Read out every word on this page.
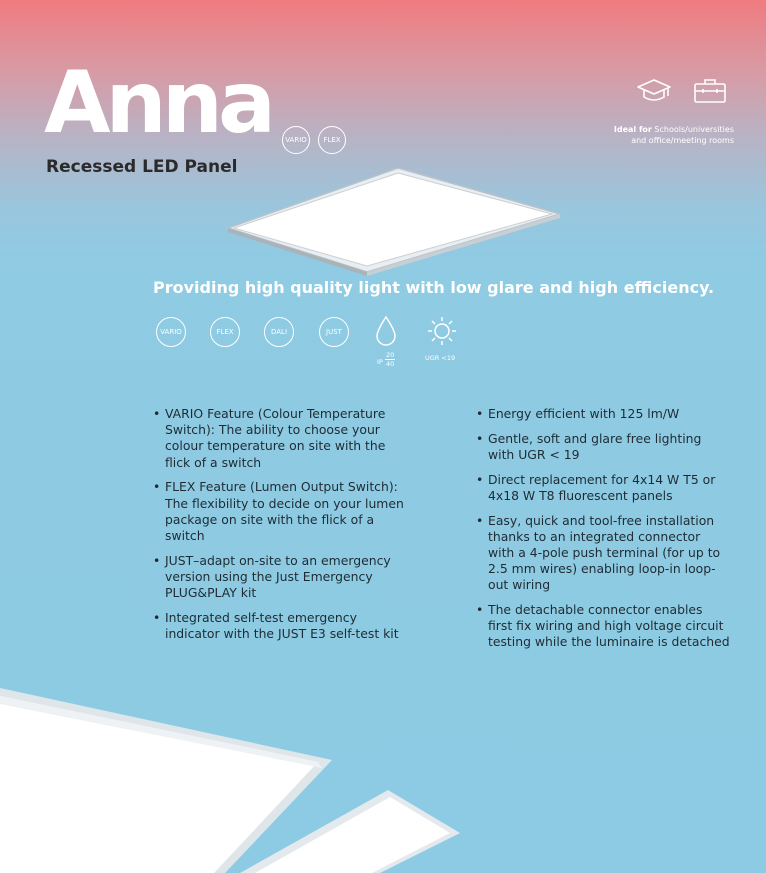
Anna	VARIO	FLEX
Recessed LED Panel
Ideal for Schools/universities
and office/meeting rooms
Providing high quality light with low glare and high efficiency.
VARIO	FLEX	DALI	JUST
IP $\frac{20}{40}$	UGR <19
• VARIO Feature (Colour Temperature Switch): The ability to choose your colour temperature on site with the flick of a switch
• FLEX Feature (Lumen Output Switch): The flexibility to decide on your lumen package on site with the flick of a switch
• JUST–adapt on-site to an emergency version using the Just Emergency PLUG&PLAY kit
• Integrated self-test emergency indicator with the JUST E3 self-test kit
• Energy efficient with 125 lm/W
• Gentle, soft and glare free lighting with UGR < 19
• Direct replacement for 4x14 W T5 or 4x18 W T8 fluorescent panels
• Easy, quick and tool-free installation thanks to an integrated connector with a 4-pole push terminal (for up to 2.5 mm wires) enabling loop-in loop-out wiring
• The detachable connector enables first fix wiring and high voltage circuit testing while the luminaire is detached
